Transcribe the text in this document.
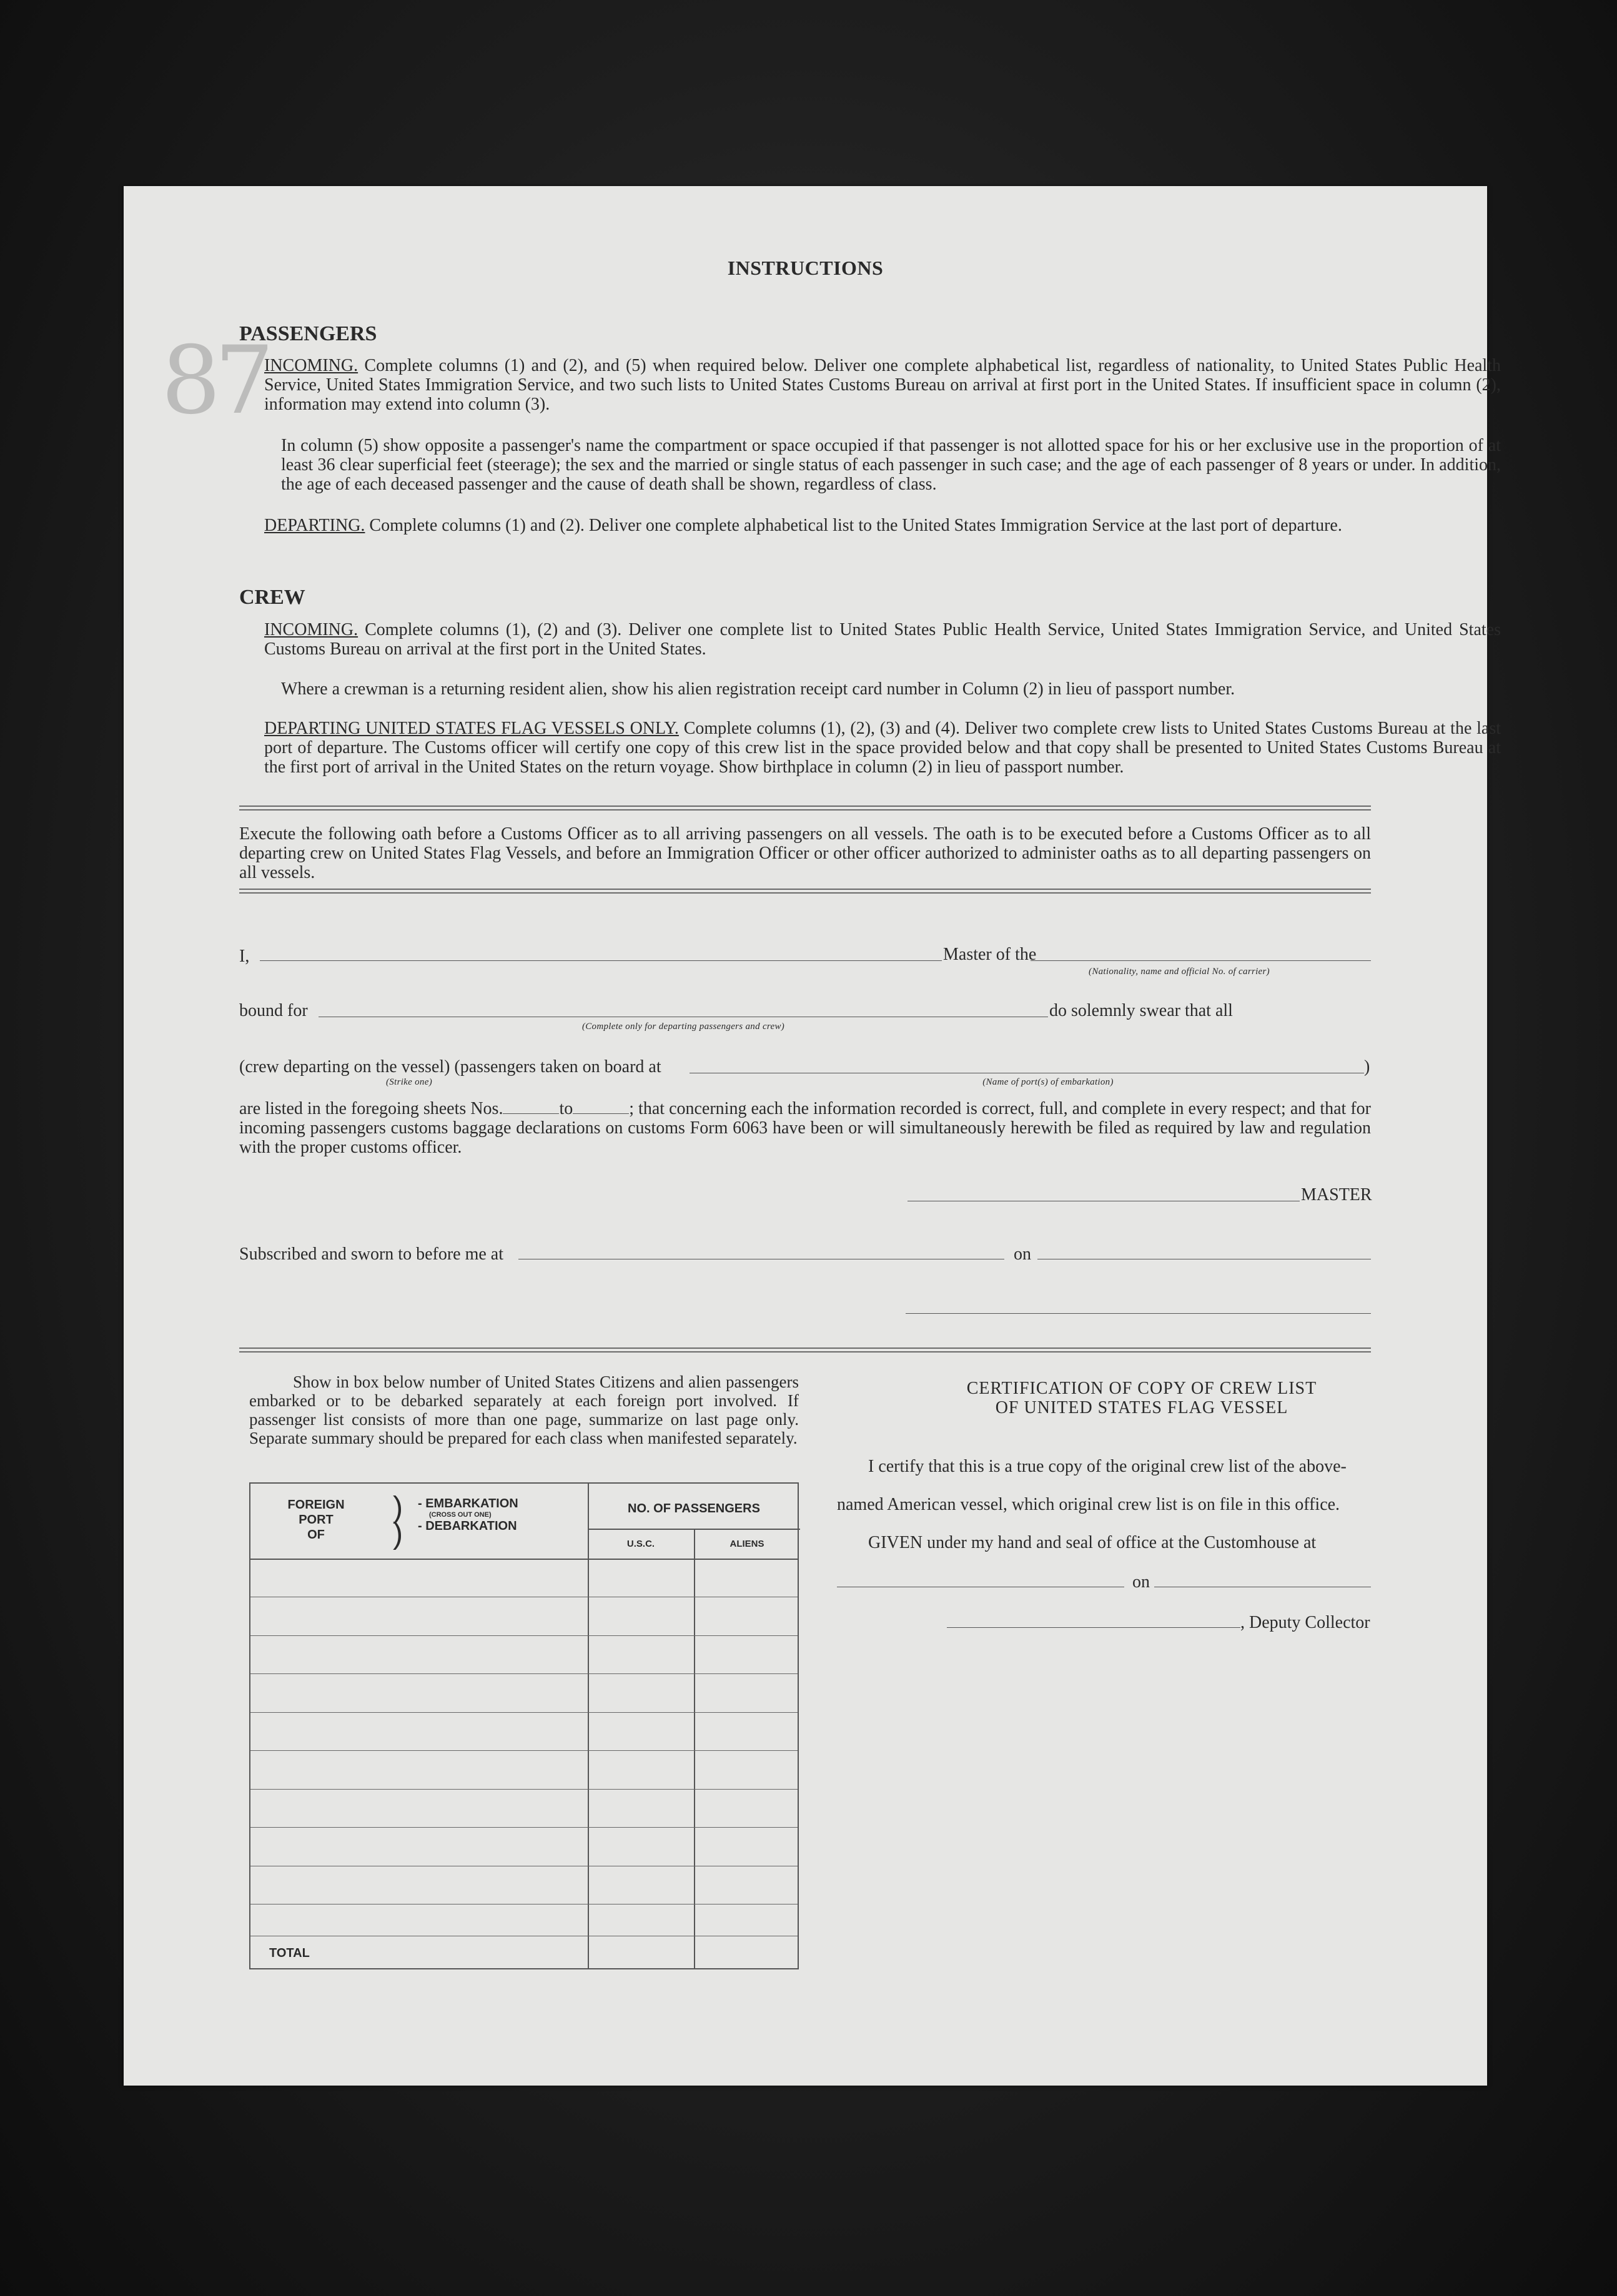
87
INSTRUCTIONS
PASSENGERS
INCOMING. Complete columns (1) and (2), and (5) when required below. Deliver one complete alphabetical list, regardless of nationality, to United States Public Health Service, United States Immigration Service, and two such lists to United States Customs Bureau on arrival at first port in the United States. If insufficient space in column (2), information may extend into column (3).
In column (5) show opposite a passenger's name the compartment or space occupied if that passenger is not allotted space for his or her exclusive use in the proportion of at least 36 clear superficial feet (steerage); the sex and the married or single status of each passenger in such case; and the age of each passenger of 8 years or under. In addition, the age of each deceased passenger and the cause of death shall be shown, regardless of class.
DEPARTING. Complete columns (1) and (2). Deliver one complete alphabetical list to the United States Immigration Service at the last port of departure.
CREW
INCOMING. Complete columns (1), (2) and (3). Deliver one complete list to United States Public Health Service, United States Immigration Service, and United States Customs Bureau on arrival at the first port in the United States.
Where a crewman is a returning resident alien, show his alien registration receipt card number in Column (2) in lieu of passport number.
DEPARTING UNITED STATES FLAG VESSELS ONLY. Complete columns (1), (2), (3) and (4). Deliver two complete crew lists to United States Customs Bureau at the last port of departure. The Customs officer will certify one copy of this crew list in the space provided below and that copy shall be presented to United States Customs Bureau at the first port of arrival in the United States on the return voyage. Show birthplace in column (2) in lieu of passport number.
Execute the following oath before a Customs Officer as to all arriving passengers on all vessels. The oath is to be executed before a Customs Officer as to all departing crew on United States Flag Vessels, and before an Immigration Officer or other officer authorized to administer oaths as to all departing passengers on all vessels.
I,	Master of the
(Nationality, name and official No. of carrier)
bound for	do solemnly swear that all
(Complete only for departing passengers and crew)
(crew departing on the vessel) (passengers taken on board at	)
(Strike one)	(Name of port(s) of embarkation)
are listed in the foregoing sheets Nos.	to	; that concerning each the information recorded is correct, full, and complete in every respect; and that for incoming passengers customs baggage declarations on customs Form 6063 have been or will simultaneously herewith be filed as required by law and regulation with the proper customs officer.
MASTER
Subscribed and sworn to before me at	on
Show in box below number of United States Citizens and alien passengers embarked or to be debarked separately at each foreign port involved. If passenger list consists of more than one page, summarize on last page only. Separate summary should be prepared for each class when manifested separately.
FOREIGN
PORT
OF
)
)
- EMBARKATION
(CROSS OUT ONE)
- DEBARKATION
NO. OF PASSENGERS
U.S.C.	ALIENS
TOTAL
CERTIFICATION OF COPY OF CREW LIST
OF UNITED STATES FLAG VESSEL
I certify that this is a true copy of the original crew list of the above-
named American vessel, which original crew list is on file in this office.
GIVEN under my hand and seal of office at the Customhouse at
on
, Deputy Collector
